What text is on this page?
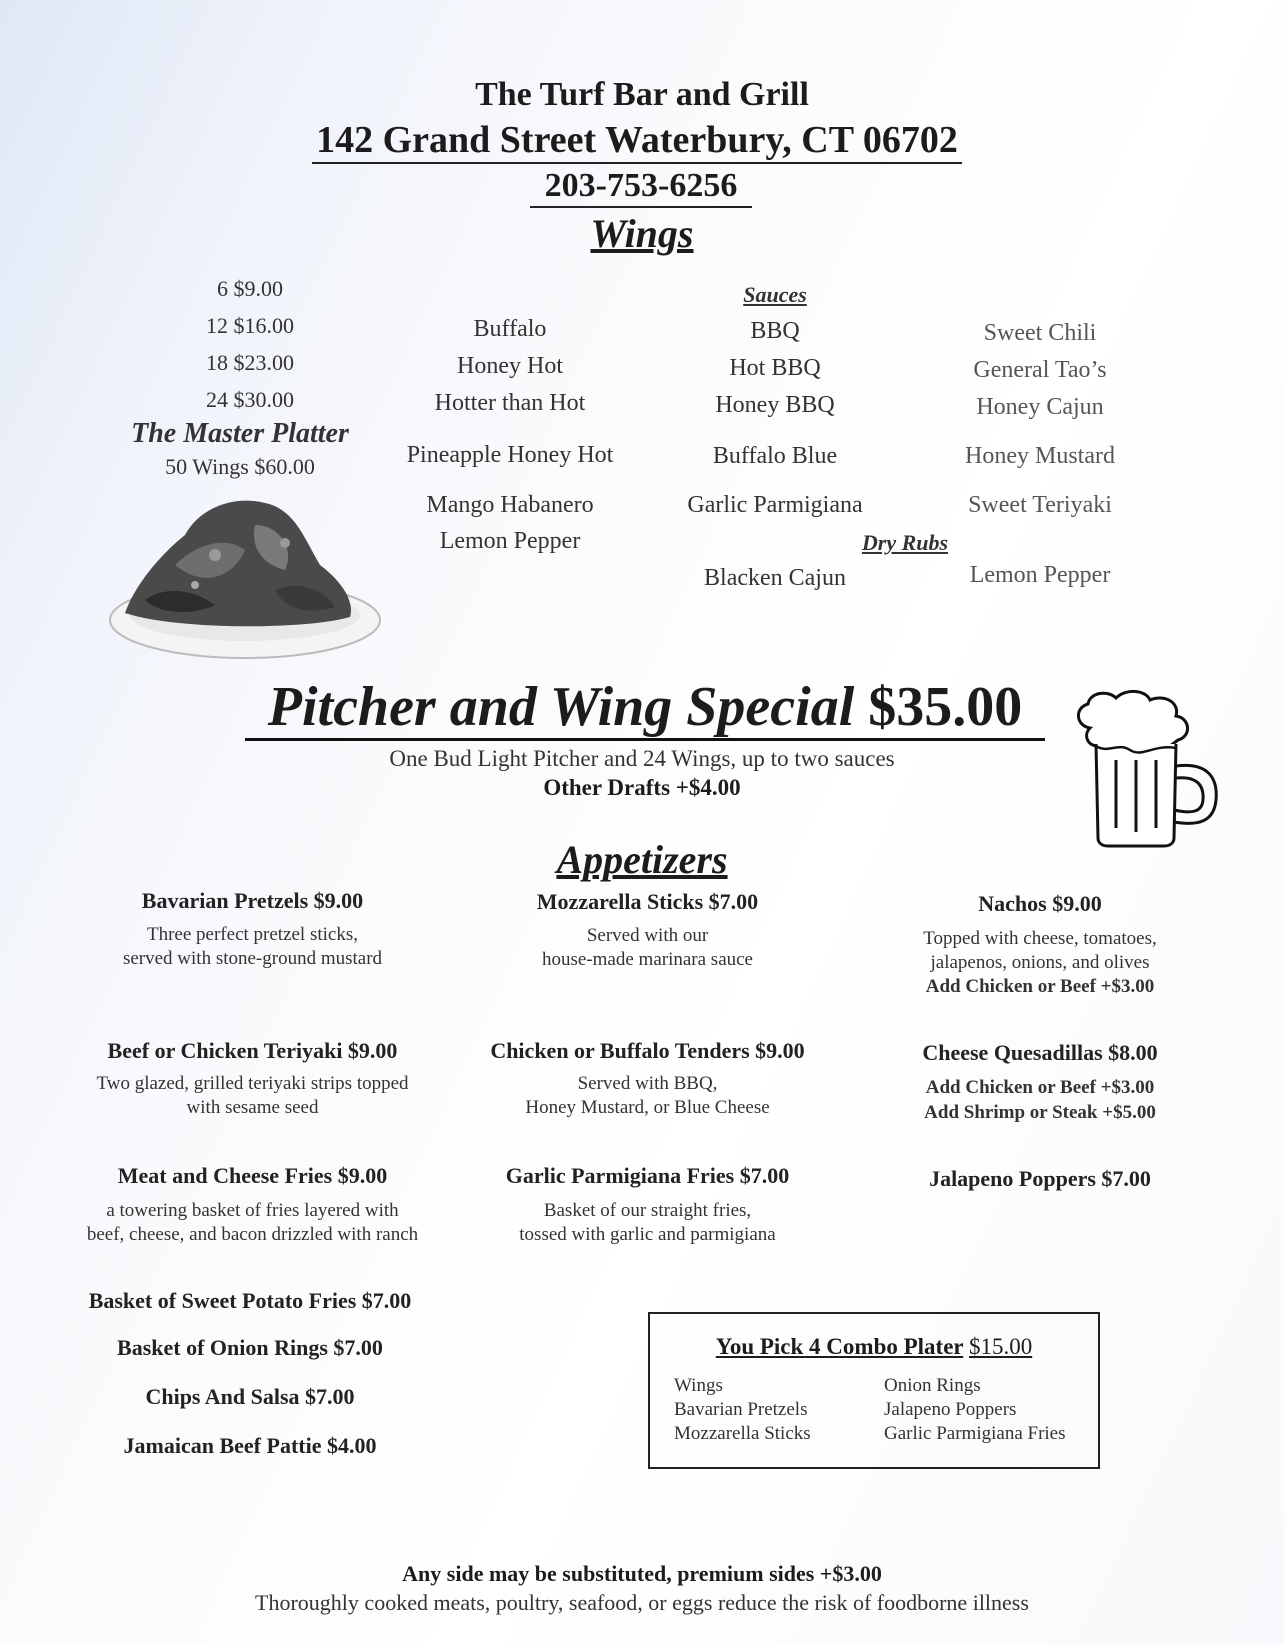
The Turf Bar and Grill
142 Grand Street Waterbury, CT 06702
203-753-6256
Wings
6 $9.00
12 $16.00
18 $23.00
24 $30.00
The Master Platter
50 Wings $60.00
Sauces
Buffalo
Honey Hot
Hotter than Hot
Pineapple Honey Hot
Mango Habanero
Lemon Pepper
BBQ
Hot BBQ
Honey BBQ
Buffalo Blue
Garlic Parmigiana
Sweet Chili
General Tao’s
Honey Cajun
Honey Mustard
Sweet Teriyaki
Dry Rubs
Blacken Cajun	Lemon Pepper
Pitcher and Wing Special $35.00
One Bud Light Pitcher and 24 Wings, up to two sauces
Other Drafts +$4.00
Appetizers
Bavarian Pretzels $9.00
Three perfect pretzel sticks,
served with stone-ground mustard
Mozzarella Sticks $7.00
Served with our
house-made marinara sauce
Nachos $9.00
Topped with cheese, tomatoes,
jalapenos, onions, and olives
Add Chicken or Beef +$3.00
Beef or Chicken Teriyaki $9.00
Two glazed, grilled teriyaki strips topped
with sesame seed
Chicken or Buffalo Tenders $9.00
Served with BBQ,
Honey Mustard, or Blue Cheese
Cheese Quesadillas $8.00
Add Chicken or Beef +$3.00
Add Shrimp or Steak +$5.00
Meat and Cheese Fries $9.00
a towering basket of fries layered with
beef, cheese, and bacon drizzled with ranch
Garlic Parmigiana Fries $7.00
Basket of our straight fries,
tossed with garlic and parmigiana
Jalapeno Poppers $7.00
Basket of Sweet Potato Fries $7.00
Basket of Onion Rings $7.00
Chips And Salsa $7.00
Jamaican Beef Pattie $4.00
You Pick 4 Combo Plater $15.00
Wings
Bavarian Pretzels
Mozzarella Sticks
Onion Rings
Jalapeno Poppers
Garlic Parmigiana Fries
Any side may be substituted, premium sides +$3.00
Thoroughly cooked meats, poultry, seafood, or eggs reduce the risk of foodborne illness
